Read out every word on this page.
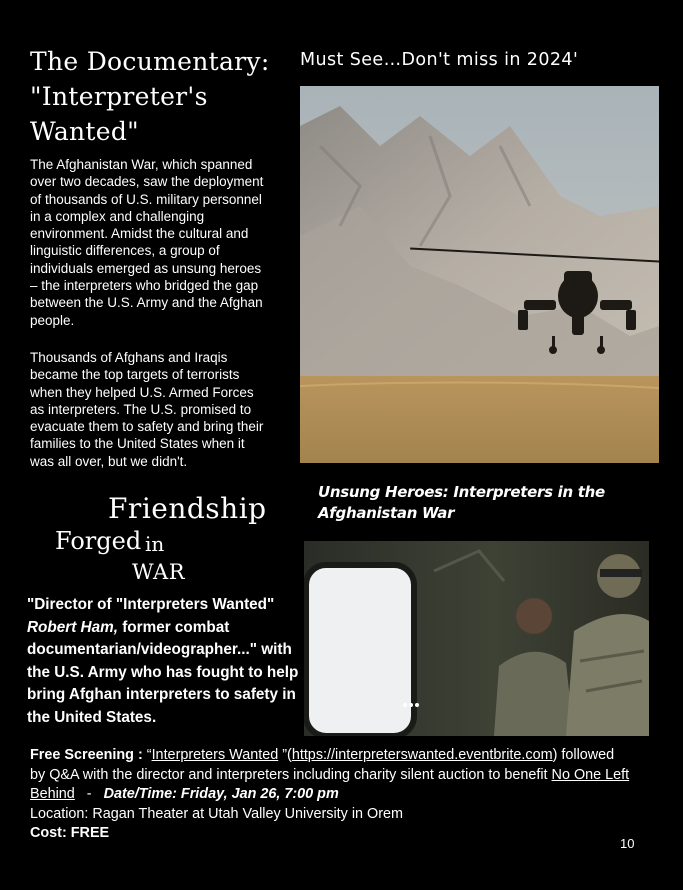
The Documentary:
"Interpreter's
Wanted"

The Afghanistan War, which spanned over two decades, saw the deployment of thousands of U.S. military personnel in a complex and challenging environment. Amidst the cultural and linguistic differences, a group of individuals emerged as unsung heroes – the interpreters who bridged the gap between the U.S. Army and the Afghan people.

Thousands of Afghans and Iraqis became the top targets of terrorists when they helped U.S. Armed Forces as interpreters. The U.S. promised to evacuate them to safety and bring their families to the United States when it was all over, but we didn't.

Must See…Don't miss in 2024'

Unsung Heroes: Interpreters in the Afghanistan War

Friendship
Forged in
WAR

"Director of "Interpreters Wanted"
Robert Ham, former combat documentarian/videographer..." with the U.S. Army who has fought to help bring Afghan interpreters to safety in the United States.

Free Screening : “Interpreters Wanted ”(https://interpreterswanted.eventbrite.com) followed by Q&A with the director and interpreters including charity silent auction to benefit No One Left Behind   -   Date/Time: Friday, Jan 26, 7:00 pm
Location: Ragan Theater at Utah Valley University in Orem
Cost: FREE

10
